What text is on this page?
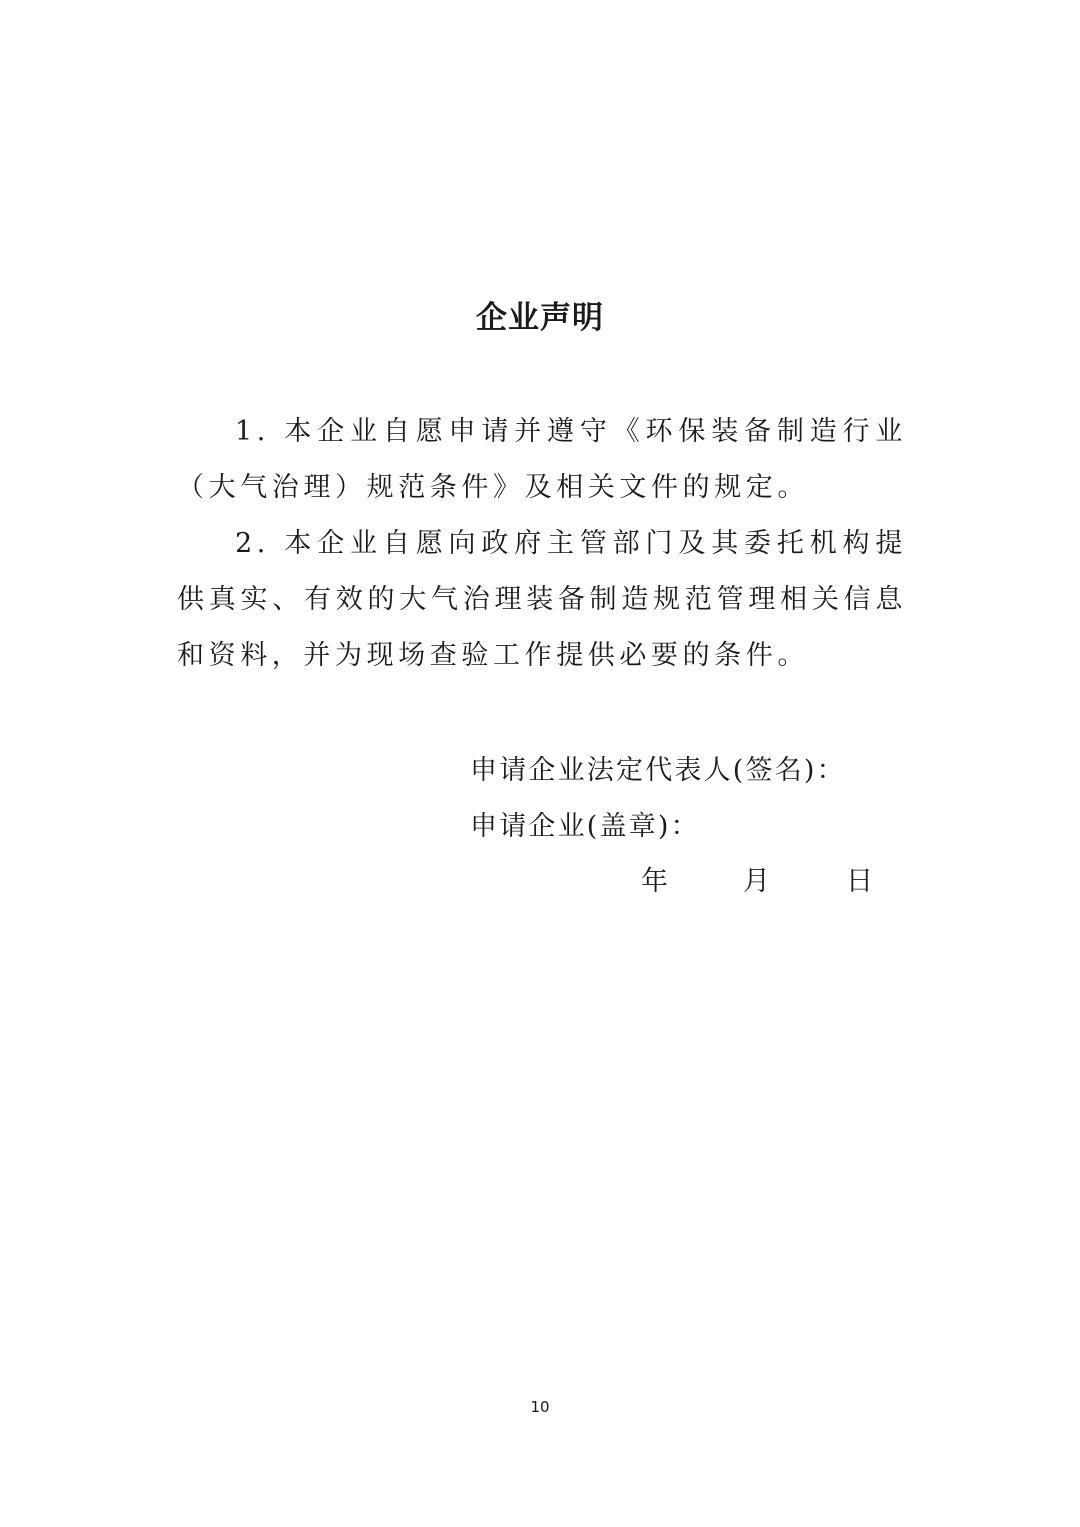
企业声明

1. 本企业自愿申请并遵守《环保装备制造行业（大气治理）规范条件》及相关文件的规定。

2. 本企业自愿向政府主管部门及其委托机构提供真实、有效的大气治理装备制造规范管理相关信息和资料，并为现场查验工作提供必要的条件。

申请企业法定代表人(签名)：
申请企业(盖章)：
年	月	日
10
